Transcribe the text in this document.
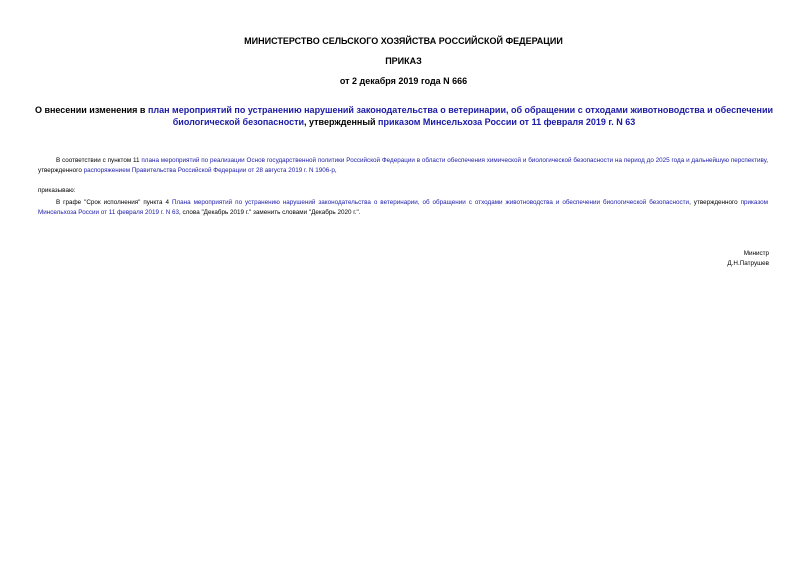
МИНИСТЕРСТВО СЕЛЬСКОГО ХОЗЯЙСТВА РОССИЙСКОЙ ФЕДЕРАЦИИ
ПРИКАЗ
от 2 декабря 2019 года N 666
О внесении изменения в план мероприятий по устранению нарушений законодательства о ветеринарии, об обращении с отходами животноводства и обеспечении биологической безопасности, утвержденный приказом Минсельхоза России от 11 февраля 2019 г. N 63
В соответствии с пунктом 11 плана мероприятий по реализации Основ государственной политики Российской Федерации в области обеспечения химической и биологической безопасности на период до 2025 года и дальнейшую перспективу, утвержденного распоряжением Правительства Российской Федерации от 28 августа 2019 г. N 1906-р,
приказываю:
В графе "Срок исполнения" пункта 4 Плана мероприятий по устранению нарушений законодательства о ветеринарии, об обращении с отходами животноводства и обеспечении биологической безопасности, утвержденного приказом Минсельхоза России от 11 февраля 2019 г. N 63, слова "Декабрь 2019 г." заменить словами "Декабрь 2020 г.".
Министр
Д.Н.Патрушев
